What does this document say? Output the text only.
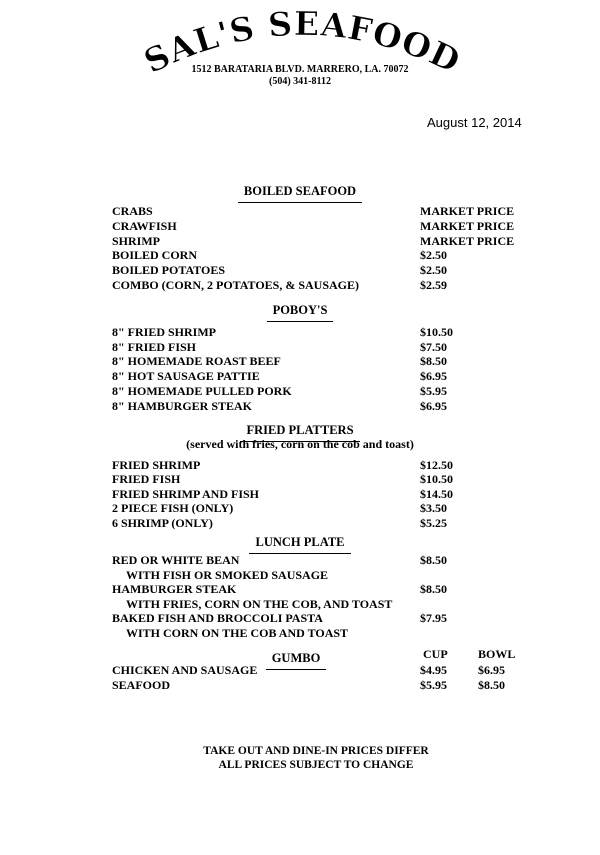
SAL'S SEAFOOD
1512 BARATARIA BLVD. MARRERO, LA. 70072
(504) 341-8112
August 12, 2014
BOILED SEAFOOD
CRABS	MARKET PRICE
CRAWFISH	MARKET PRICE
SHRIMP	MARKET PRICE
BOILED CORN	$2.50
BOILED POTATOES	$2.50
COMBO (CORN, 2 POTATOES, & SAUSAGE)	$2.59
POBOY'S
8" FRIED SHRIMP	$10.50
8" FRIED FISH	$7.50
8" HOMEMADE ROAST BEEF	$8.50
8" HOT SAUSAGE PATTIE	$6.95
8" HOMEMADE PULLED PORK	$5.95
8" HAMBURGER STEAK	$6.95
FRIED PLATTERS
(served with fries, corn on the cob and toast)
FRIED SHRIMP	$12.50
FRIED FISH	$10.50
FRIED SHRIMP AND FISH	$14.50
2 PIECE FISH (ONLY)	$3.50
6 SHRIMP (ONLY)	$5.25
LUNCH PLATE
RED OR WHITE BEAN	$8.50
WITH FISH OR SMOKED SAUSAGE
HAMBURGER STEAK	$8.50
WITH FRIES, CORN ON THE COB, AND TOAST
BAKED FISH AND BROCCOLI PASTA	$7.95
WITH CORN ON THE COB AND TOAST
GUMBO	CUP	BOWL
CHICKEN AND SAUSAGE	$4.95	$6.95
SEAFOOD	$5.95	$8.50
TAKE OUT AND DINE-IN PRICES DIFFER
ALL PRICES SUBJECT TO CHANGE
